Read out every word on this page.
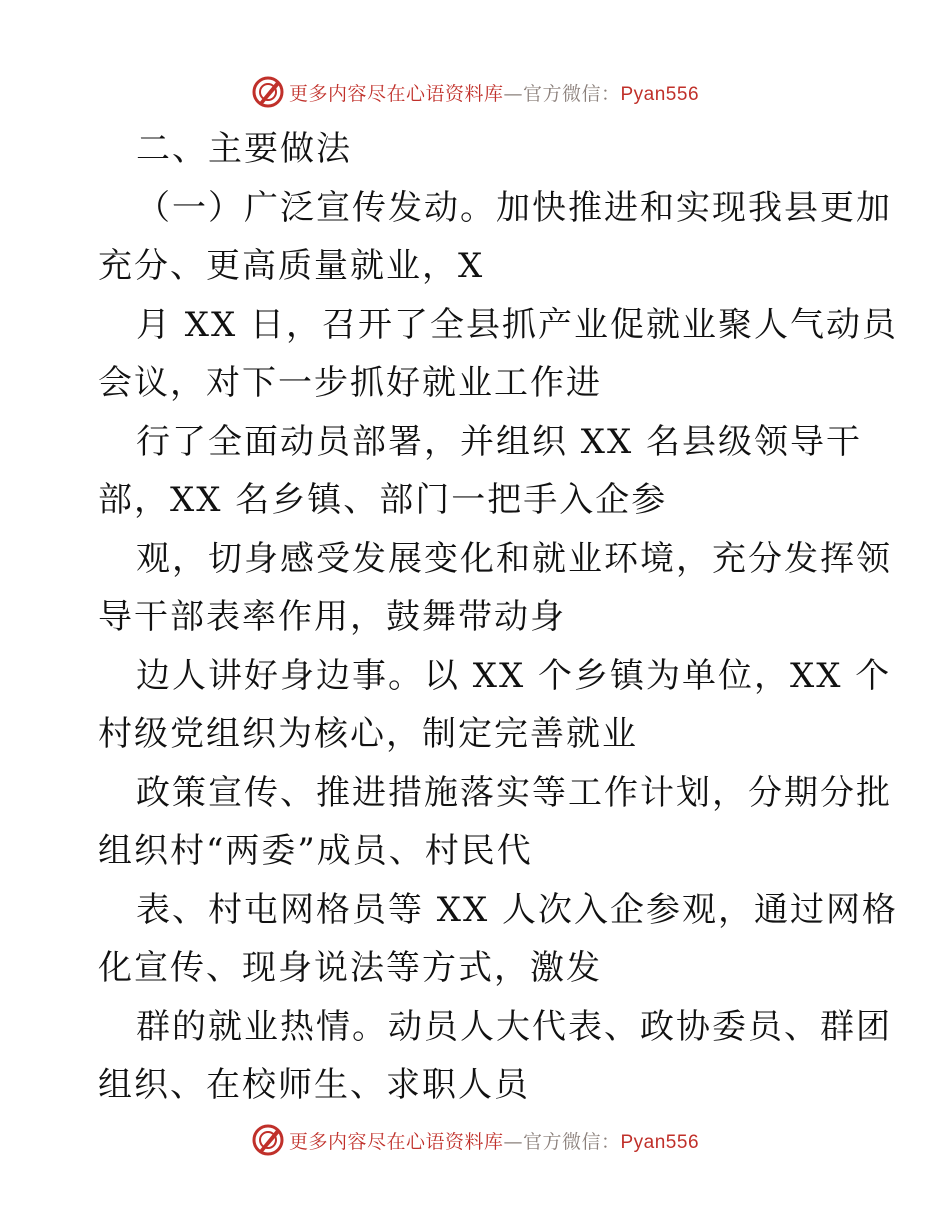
更多内容尽在心语资料库—官方微信：Pyan556
二、主要做法
（一）广泛宣传发动。加快推进和实现我县更加
充分、更高质量就业，X
月 XX 日，召开了全县抓产业促就业聚人气动员
会议，对下一步抓好就业工作进
行了全面动员部署，并组织 XX 名县级领导干
部，XX 名乡镇、部门一把手入企参
观，切身感受发展变化和就业环境，充分发挥领
导干部表率作用，鼓舞带动身
边人讲好身边事。以 XX 个乡镇为单位，XX 个
村级党组织为核心，制定完善就业
政策宣传、推进措施落实等工作计划，分期分批
组织村“两委”成员、村民代
表、村屯网格员等 XX 人次入企参观，通过网格
化宣传、现身说法等方式，激发
群的就业热情。动员人大代表、政协委员、群团
组织、在校师生、求职人员
更多内容尽在心语资料库—官方微信：Pyan556
